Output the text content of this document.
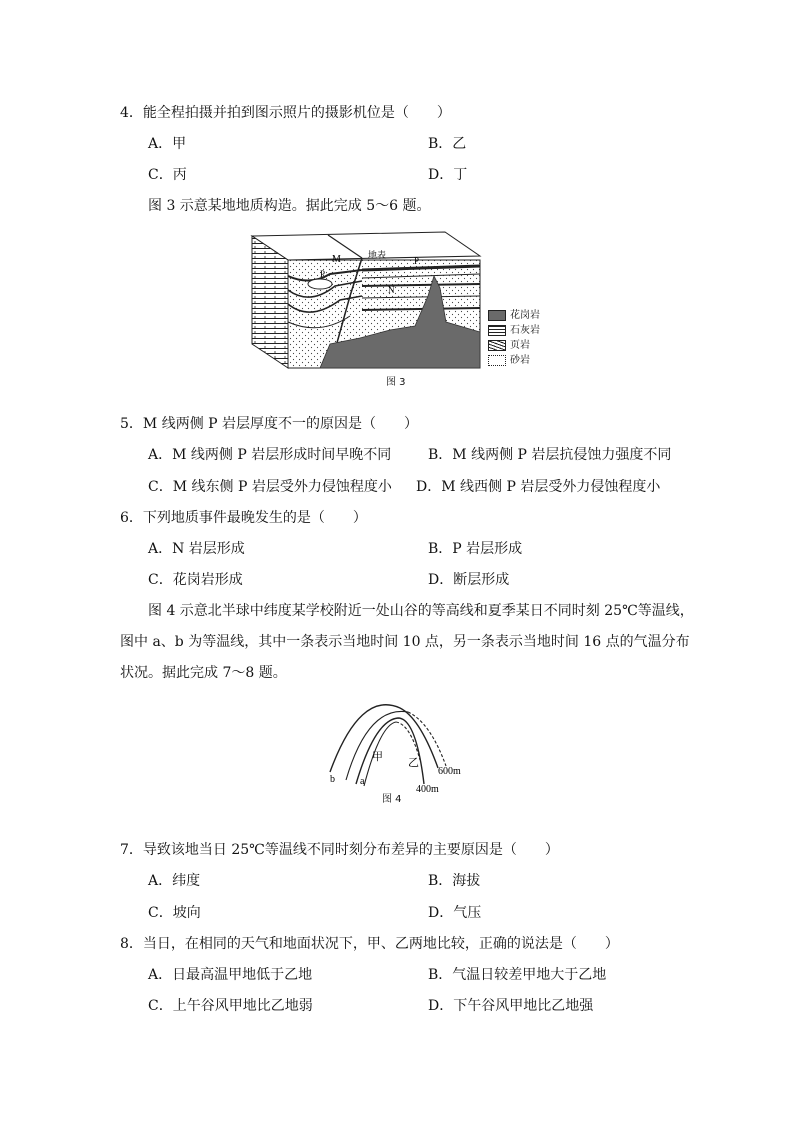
4．能全程拍摄并拍到图示照片的摄影机位是（　　）
A．甲	B．乙
C．丙	D．丁
图 3 示意某地地质构造。据此完成 5～6 题。
M	地表	P
P
N
花岗岩
石灰岩
页岩
砂岩
图 3
5．M 线两侧 P 岩层厚度不一的原因是（　　）
A．M 线两侧 P 岩层形成时间早晚不同	B．M 线两侧 P 岩层抗侵蚀力强度不同
C．M 线东侧 P 岩层受外力侵蚀程度小 D．M 线西侧 P 岩层受外力侵蚀程度小
6．下列地质事件最晚发生的是（　　）
A．N 岩层形成	B．P 岩层形成
C．花岗岩形成	D．断层形成
图 4 示意北半球中纬度某学校附近一处山谷的等高线和夏季某日不同时刻 25℃等温线，
图中 a、b 为等温线，其中一条表示当地时间 10 点，另一条表示当地时间 16 点的气温分布
状况。据此完成 7～8 题。
甲 乙
b	a
600m
400m
图 4
7．导致该地当日 25℃等温线不同时刻分布差异的主要原因是（　　）
A．纬度	B．海拔
C．坡向	D．气压
8．当日，在相同的天气和地面状况下，甲、乙两地比较，正确的说法是（　　）
A．日最高温甲地低于乙地	B．气温日较差甲地大于乙地
C．上午谷风甲地比乙地弱	D．下午谷风甲地比乙地强
